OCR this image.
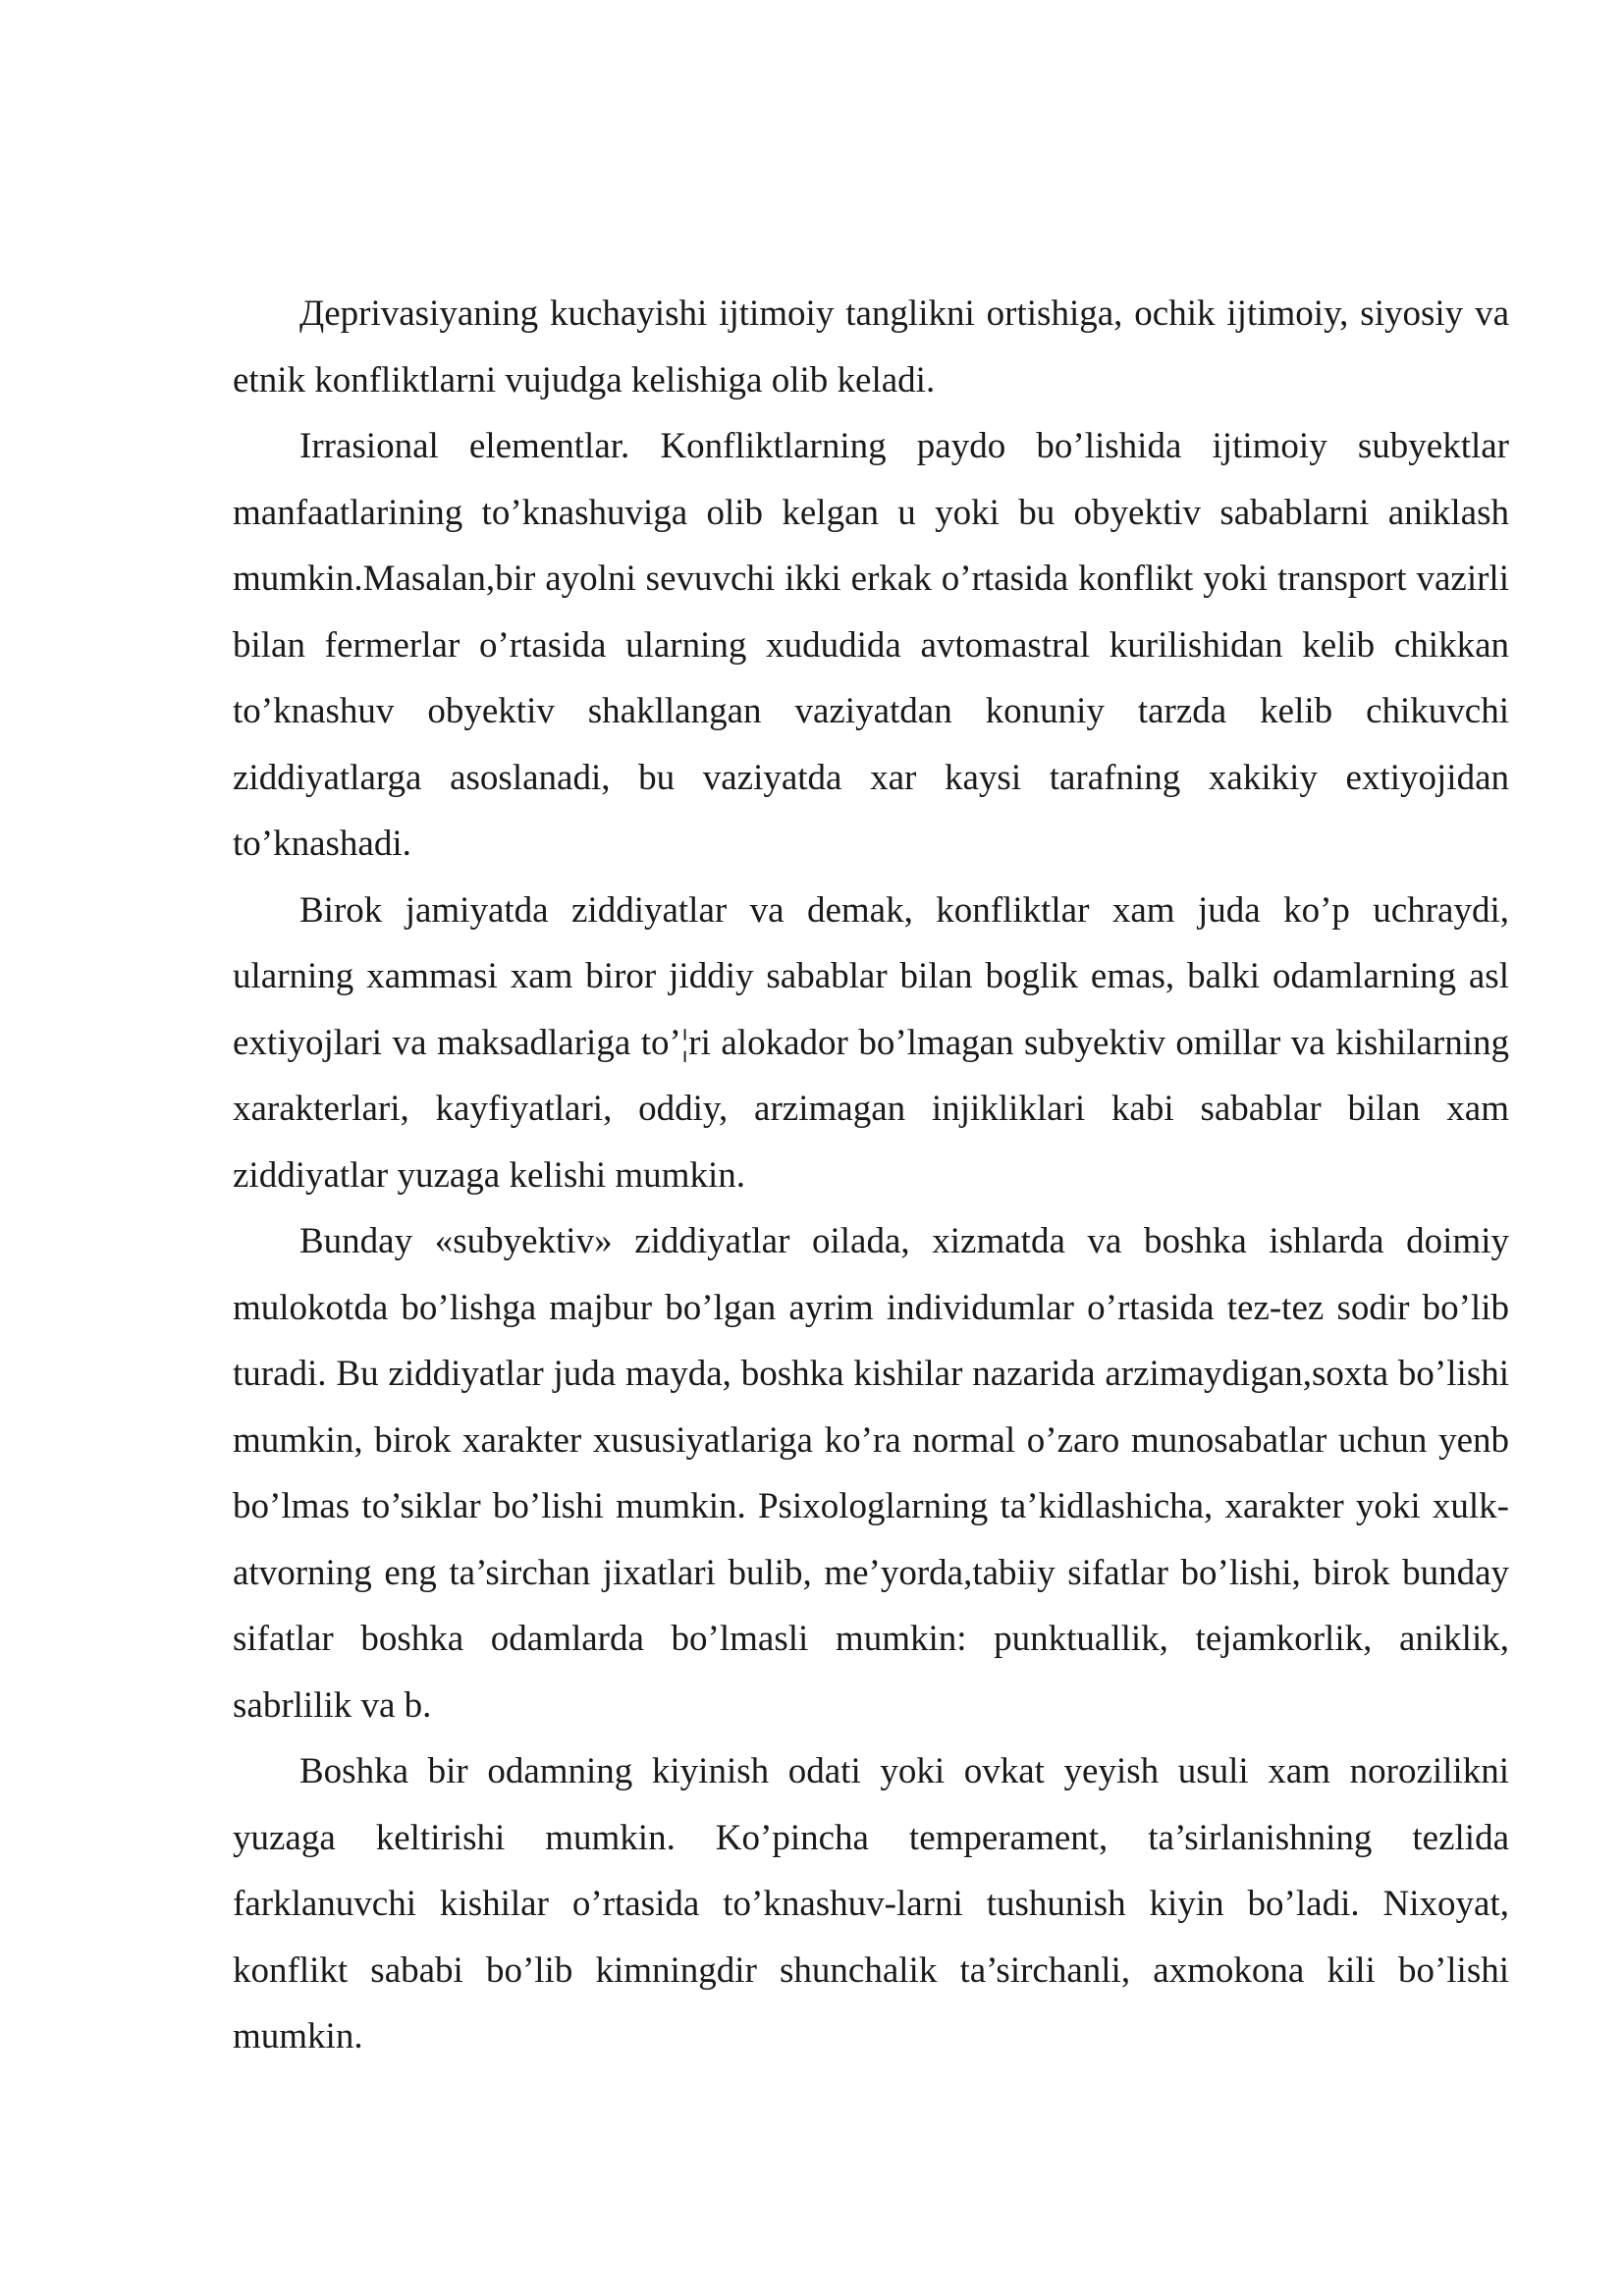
Дeprivasiyaning kuchayishi ijtimoiy tanglikni ortishiga, ochik ijtimoiy, siyosiy va etnik konfliktlarni vujudga kelishiga olib keladi.

Irrasional elementlar. Konfliktlarning paydo bo’lishida ijtimoiy subyektlar manfaatlarining to’knashuviga olib kelgan u yoki bu obyektiv sabablarni aniklash mumkin.Masalan,bir ayolni sevuvchi ikki erkak o’rtasida konflikt yoki transport vazirli bilan fermerlar o’rtasida ularning xududida avtomastral kurilishidan kelib chikkan to’knashuv obyektiv shakllangan vaziyatdan konuniy tarzda kelib chikuvchi ziddiyatlarga asoslanadi, bu vaziyatda xar kaysi tarafning xakikiy extiyojidan to’knashadi.

Birok jamiyatda ziddiyatlar va demak, konfliktlar xam juda ko’p uchraydi, ularning xammasi xam biror jiddiy sabablar bilan boglik emas, balki odamlarning asl extiyojlari va maksadlariga to’¦ri alokador bo’lmagan subyektiv omillar va kishilarning xarakterlari, kayfiyatlari, oddiy, arzimagan injikliklari kabi sabablar bilan xam ziddiyatlar yuzaga kelishi mumkin.

Bunday «subyektiv» ziddiyatlar oilada, xizmatda va boshka ishlarda doimiy mulokotda bo’lishga majbur bo’lgan ayrim individumlar o’rtasida tez-tez sodir bo’lib turadi. Bu ziddiyatlar juda mayda, boshka kishilar nazarida arzimaydigan,soxta bo’lishi mumkin, birok xarakter xususiyatlariga ko’ra normal o’zaro munosabatlar uchun yenb bo’lmas to’siklar bo’lishi mumkin. Psixologlarning ta’kidlashicha, xarakter yoki xulk-atvorning eng ta’sirchan jixatlari bulib, me’yorda,tabiiy sifatlar bo’lishi, birok bunday sifatlar boshka odamlarda bo’lmasli mumkin: punktuallik, tejamkorlik, aniklik, sabrlilik va b.

Boshka bir odamning kiyinish odati yoki ovkat yeyish usuli xam norozilikni yuzaga keltirishi mumkin. Ko’pincha temperament, ta’sirlanishning tezlida farklanuvchi kishilar o’rtasida to’knashuv-larni tushunish kiyin bo’ladi. Nixoyat, konflikt sababi bo’lib kimningdir shunchalik ta’sirchanli, axmokona kili bo’lishi mumkin.
